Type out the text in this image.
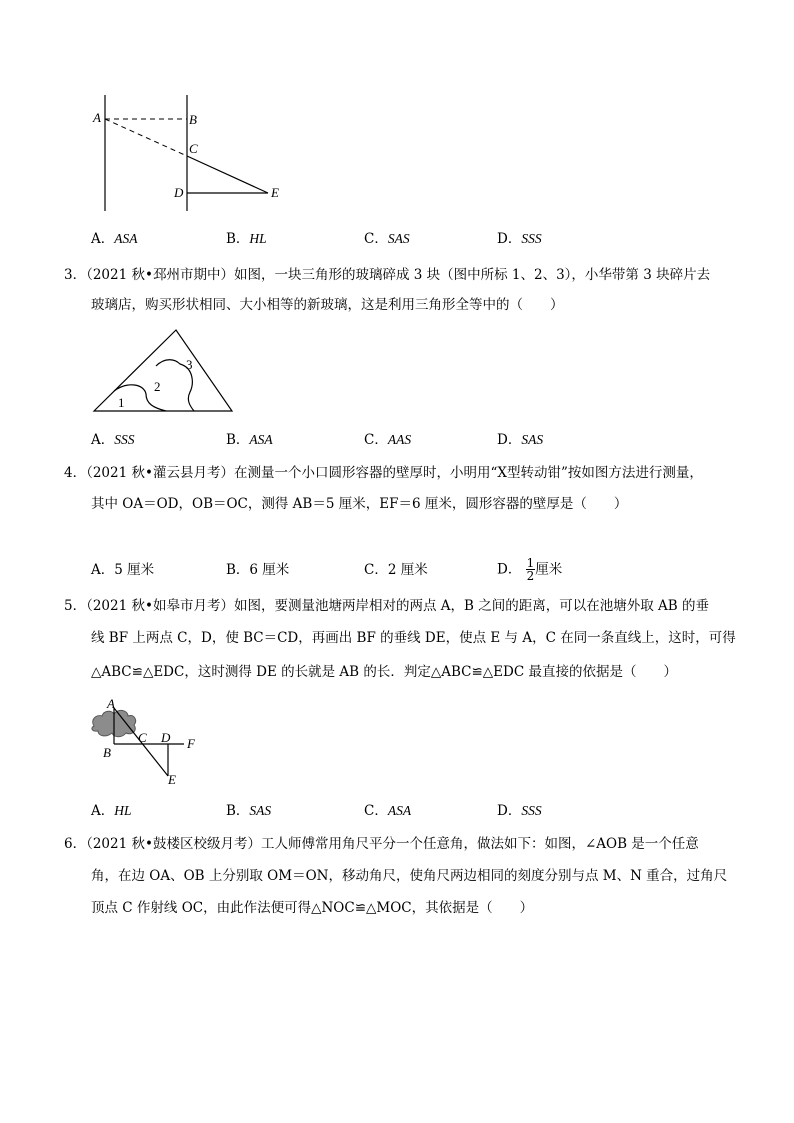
A	B
C
D	E
A．ASA	B．HL	C．SAS	D．SSS
3．（2021 秋•邳州市期中）如图，一块三角形的玻璃碎成 3 块（图中所标 1、2、3），小华带第 3 块碎片去
玻璃店，购买形状相同、大小相等的新玻璃，这是利用三角形全等中的（　　）
1
2
3
A．SSS	B．ASA	C．AAS	D．SAS
4．（2021 秋•灌云县月考）在测量一个小口圆形容器的壁厚时，小明用“X型转动钳”按如图方法进行测量，
其中 OA＝OD，OB＝OC，测得 AB＝5 厘米，EF＝6 厘米，圆形容器的壁厚是（　　）
A．5 厘米	B．6 厘米	C．2 厘米	D． $\frac{1}{2}$ 厘米
5．（2021 秋•如皋市月考）如图，要测量池塘两岸相对的两点 A，B 之间的距离，可以在池塘外取 AB 的垂
线 BF 上两点 C，D，使 BC＝CD，再画出 BF 的垂线 DE，使点 E 与 A，C 在同一条直线上，这时，可得
△ABC≌△EDC，这时测得 DE 的长就是 AB 的长．判定△ABC≌△EDC 最直接的依据是（　　）
A
B
C D F
E
A．HL	B．SAS	C．ASA	D．SSS
6．（2021 秋•鼓楼区校级月考）工人师傅常用角尺平分一个任意角，做法如下：如图，∠AOB 是一个任意
角，在边 OA、OB 上分别取 OM＝ON，移动角尺，使角尺两边相同的刻度分别与点 M、N 重合，过角尺
顶点 C 作射线 OC，由此作法便可得△NOC≌△MOC，其依据是（　　）
